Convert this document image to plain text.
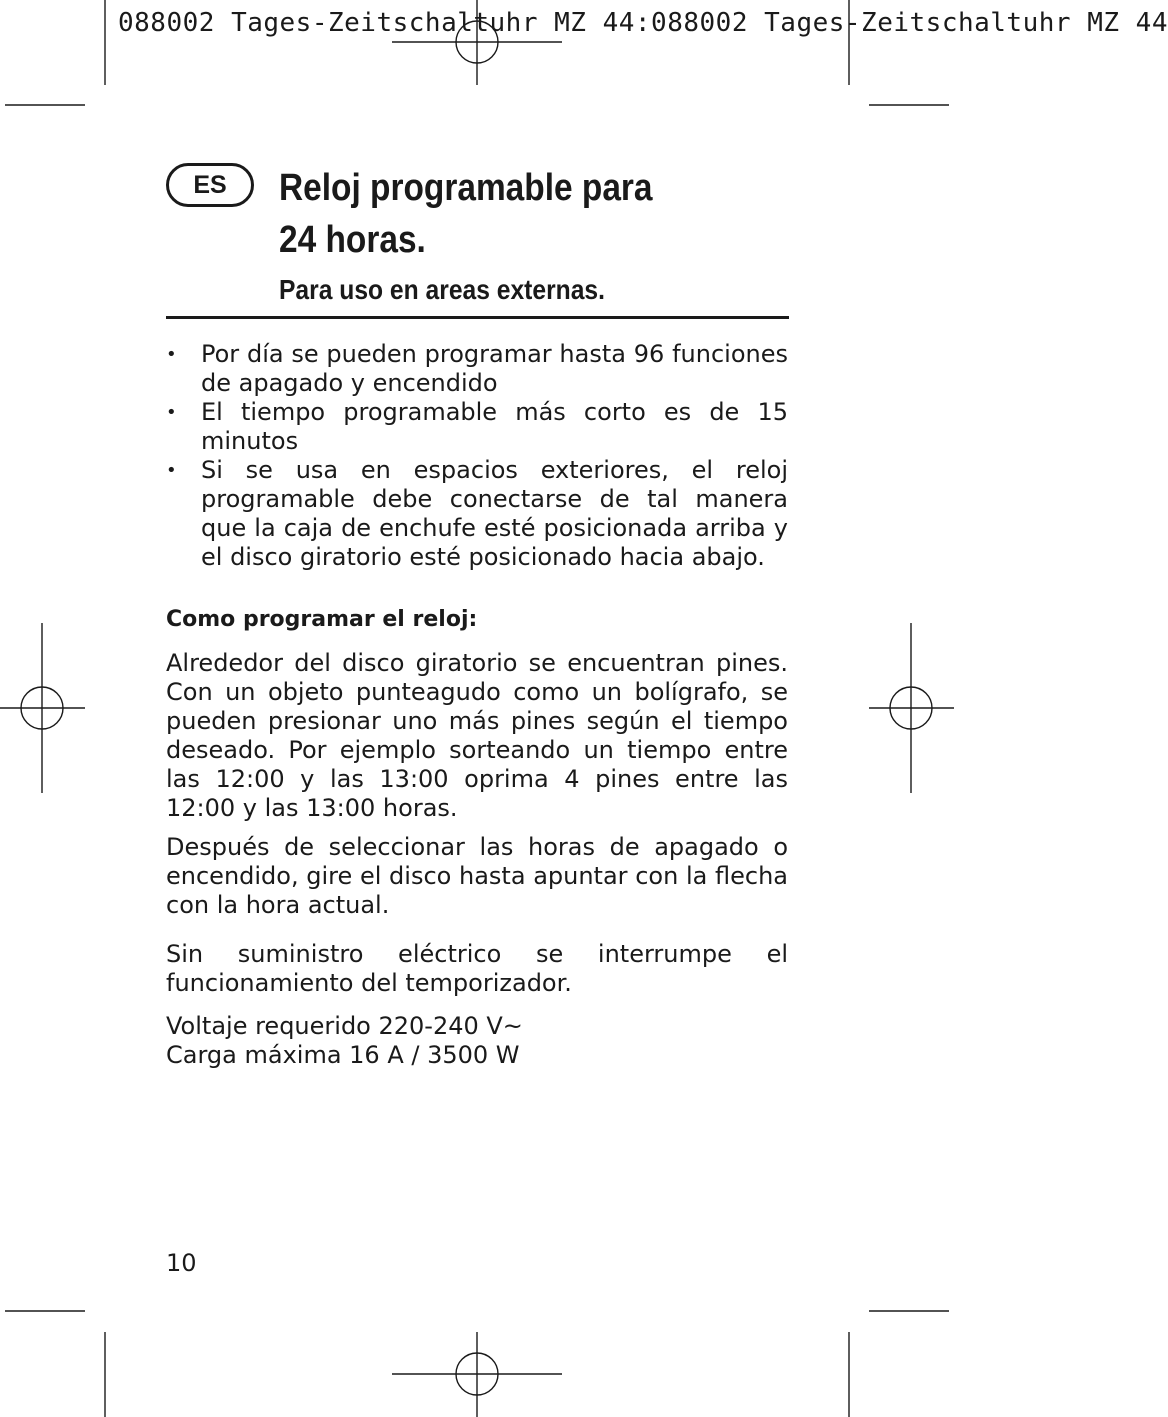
088002 Tages-Zeitschaltuhr MZ 44:088002 Tages-Zeitschaltuhr MZ 44
ES	Reloj programable para
24 horas.
Para uso en areas externas.
• Por día se pueden programar hasta 96 funciones de apagado y encendido
• El tiempo programable más corto es de 15 minutos
• Si se usa en espacios exteriores, el reloj programable debe conectarse de tal manera que la caja de enchufe esté posicionada arriba y el disco giratorio esté posicionado hacia abajo.
Como programar el reloj:

Alrededor del disco giratorio se encuentran pines. Con un objeto punteagudo como un bolígrafo, se pueden presionar uno más pines según el tiempo deseado. Por ejemplo sorteando un tiempo entre las 12:00 y las 13:00 oprima 4 pines entre las 12:00 y las 13:00 horas.

Después de seleccionar las horas de apagado o encendido, gire el disco hasta apuntar con la flecha con la hora actual.

Sin suministro eléctrico se interrumpe el funcionamiento del temporizador.

Voltaje requerido 220-240 V~
Carga máxima 16 A / 3500 W

10
